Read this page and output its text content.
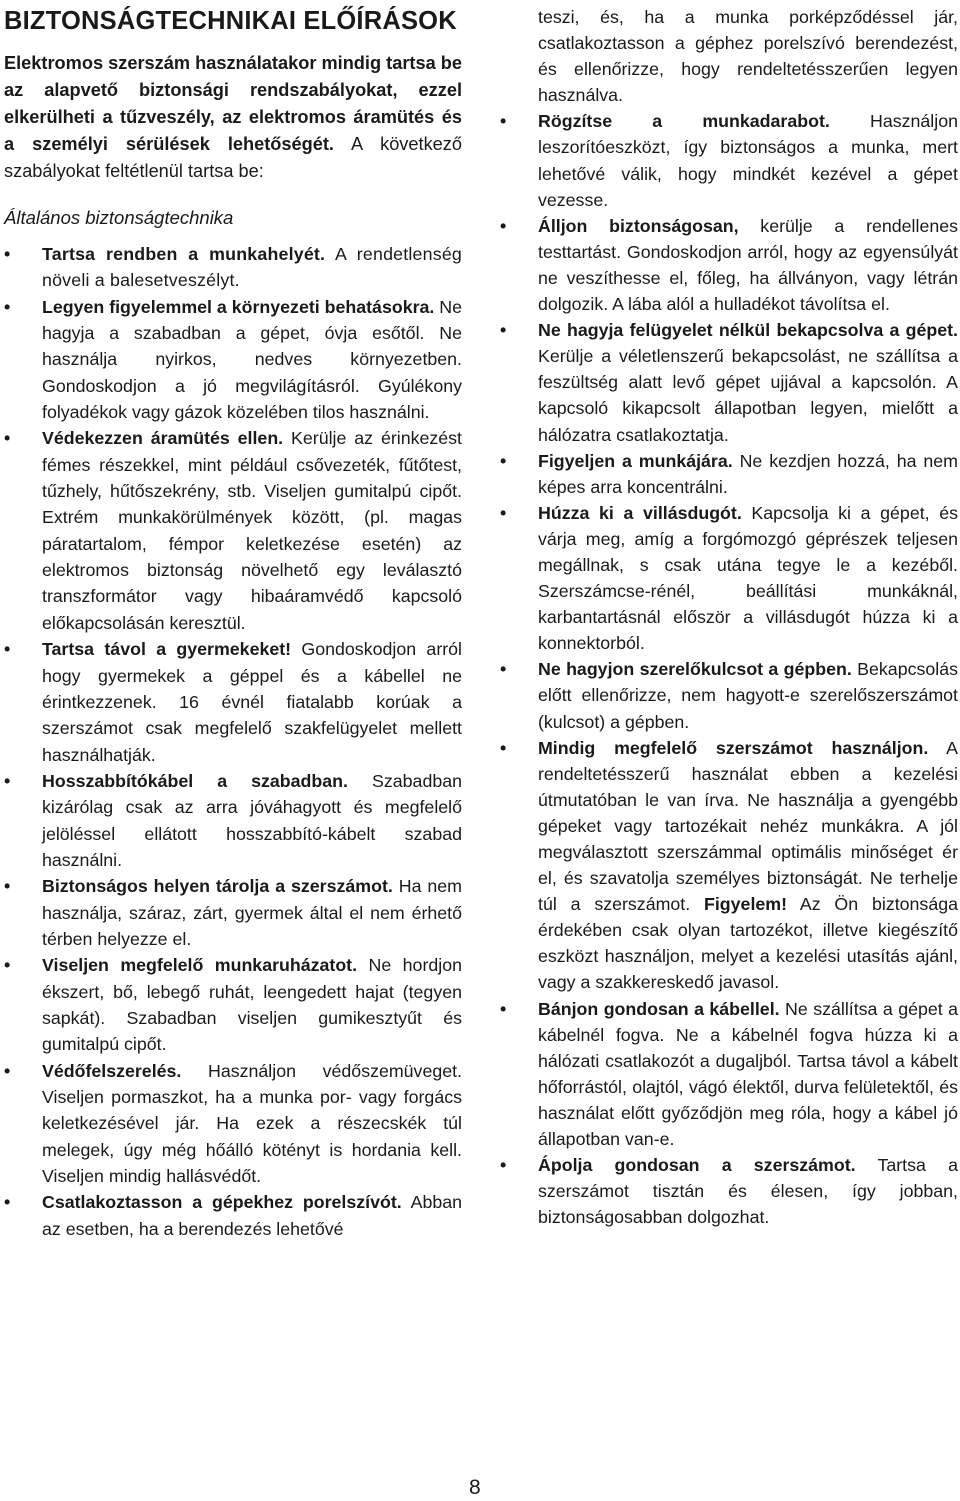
BIZTONSÁGTECHNIKAI ELŐÍRÁSOK

Elektromos szerszám használatakor mindig tartsa be az alapvető biztonsági rendszabályokat, ezzel elkerülheti a tűzveszély, az elektromos áramütés és a személyi sérülések lehetőségét. A következő szabályokat feltétlenül tartsa be:

Általános biztonságtechnika
• Tartsa rendben a munkahelyét. A rendetlenség növeli a balesetveszélyt.
• Legyen figyelemmel a környezeti behatásokra. Ne hagyja a szabadban a gépet, óvja esőtől. Ne használja nyirkos, nedves környezetben. Gondoskodjon a jó megvilágításról. Gyúlékony folyadékok vagy gázok közelében tilos használni.
• Védekezzen áramütés ellen. Kerülje az érinkezést fémes részekkel, mint például csővezeték, fűtőtest, tűzhely, hűtőszekrény, stb. Viseljen gumitalpú cipőt. Extrém munkakörülmények között, (pl. magas páratartalom, fémpor keletkezése esetén) az elektromos biztonság növelhető egy leválasztó transzformátor vagy hibaáramvédő kapcsoló előkapcsolásán keresztül.
• Tartsa távol a gyermekeket! Gondoskodjon arról hogy gyermekek a géppel és a kábellel ne érintkezzenek. 16 évnél fiatalabb korúak a szerszámot csak megfelelő szakfelügyelet mellett használhatják.
• Hosszabbítókábel a szabadban. Szabadban kizárólag csak az arra jóváhagyott és megfelelő jelöléssel ellátott hosszabbító-kábelt szabad használni.
• Biztonságos helyen tárolja a szerszámot. Ha nem használja, száraz, zárt, gyermek által el nem érhető térben helyezze el.
• Viseljen megfelelő munkaruházatot. Ne hordjon ékszert, bő, lebegő ruhát, leengedett hajat (tegyen sapkát). Szabadban viseljen gumikesztyűt és gumitalpú cipőt.
• Védőfelszerelés. Használjon védőszemüveget. Viseljen pormaszkot, ha a munka por- vagy forgács keletkezésével jár. Ha ezek a részecskék túl melegek, úgy még hőálló kötényt is hordania kell. Viseljen mindig hallásvédőt.
• Csatlakoztasson a gépekhez porelszívót. Abban az esetben, ha a berendezés lehetővé

teszi, és, ha a munka porképződéssel jár, csatlakoztasson a géphez porelszívó berendezést, és ellenőrizze, hogy rendeltetésszerűen legyen használva.

• Rögzítse a munkadarabot. Használjon leszorítóeszközt, így biztonságos a munka, mert lehetővé válik, hogy mindkét kezével a gépet vezesse.
• Álljon biztonságosan, kerülje a rendellenes testtartást. Gondoskodjon arról, hogy az egyensúlyát ne veszíthesse el, főleg, ha állványon, vagy létrán dolgozik. A lába alól a hulladékot távolítsa el.
• Ne hagyja felügyelet nélkül bekapcsolva a gépet. Kerülje a véletlenszerű bekapcsolást, ne szállítsa a feszültség alatt levő gépet ujjával a kapcsolón. A kapcsoló kikapcsolt állapotban legyen, mielőtt a hálózatra csatlakoztatja.
• Figyeljen a munkájára. Ne kezdjen hozzá, ha nem képes arra koncentrálni.
• Húzza ki a villásdugót. Kapcsolja ki a gépet, és várja meg, amíg a forgómozgó géprészek teljesen megállnak, s csak utána tegye le a kezéből. Szerszámcse-rénél, beállítási munkáknál, karbantartásnál először a villásdugót húzza ki a konnektorból.
• Ne hagyjon szerelőkulcsot a gépben. Bekapcsolás előtt ellenőrizze, nem hagyott-e szerelőszerszámot (kulcsot) a gépben.
• Mindig megfelelő szerszámot használjon. A rendeltetésszerű használat ebben a kezelési útmutatóban le van írva. Ne használja a gyengébb gépeket vagy tartozékait nehéz munkákra. A jól megválasztott szerszámmal optimális minőséget ér el, és szavatolja személyes biztonságát. Ne terhelje túl a szerszámot. Figyelem! Az Ön biztonsága érdekében csak olyan tartozékot, illetve kiegészítő eszközt használjon, melyet a kezelési utasítás ajánl, vagy a szakkereskedő javasol.
• Bánjon gondosan a kábellel. Ne szállítsa a gépet a kábelnél fogva. Ne a kábelnél fogva húzza ki a hálózati csatlakozót a dugaljból. Tartsa távol a kábelt hőforrástól, olajtól, vágó élektől, durva felületektől, és használat előtt győződjön meg róla, hogy a kábel jó állapotban van-e.
• Ápolja gondosan a szerszámot. Tartsa a szerszámot tisztán és élesen, így jobban, biztonságosabban dolgozhat.
8
